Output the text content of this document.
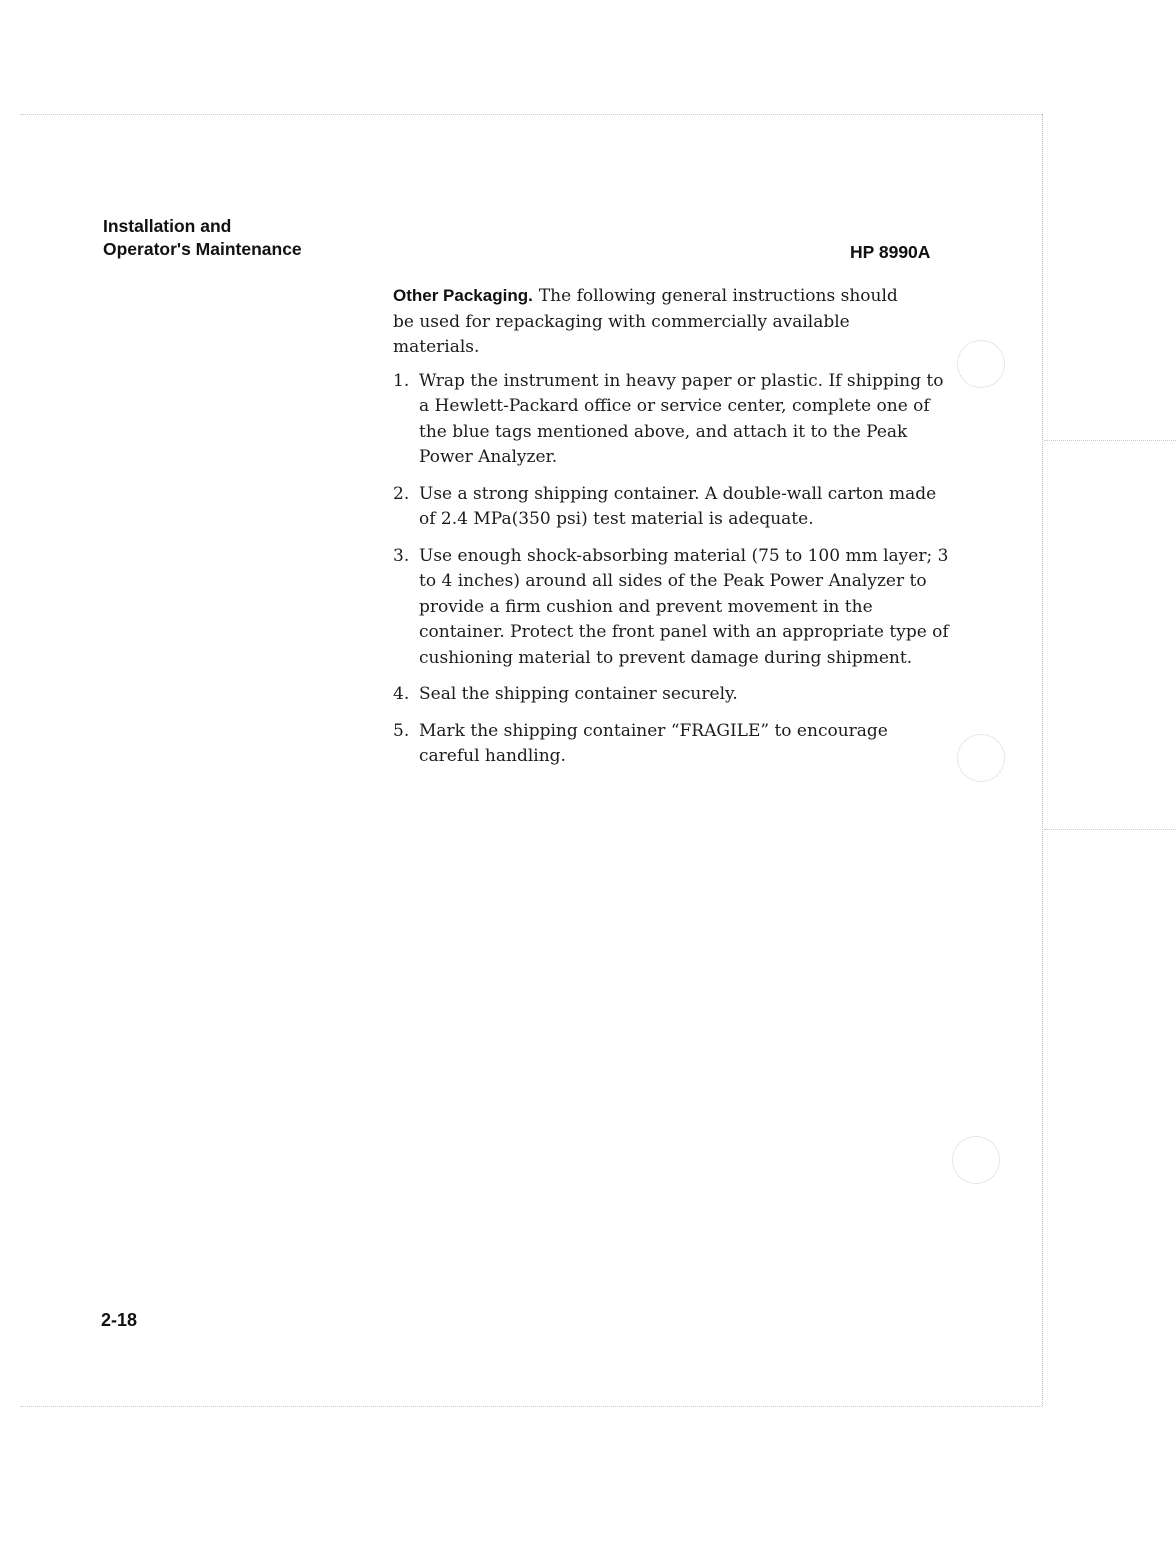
Installation and
Operator's Maintenance	HP 8990A

Other Packaging. The following general instructions should be used for repackaging with commercially available materials.

1. Wrap the instrument in heavy paper or plastic. If shipping to a Hewlett-Packard office or service center, complete one of the blue tags mentioned above, and attach it to the Peak Power Analyzer.
2. Use a strong shipping container. A double-wall carton made of 2.4 MPa(350 psi) test material is adequate.
3. Use enough shock-absorbing material (75 to 100 mm layer; 3 to 4 inches) around all sides of the Peak Power Analyzer to provide a firm cushion and prevent movement in the container. Protect the front panel with an appropriate type of cushioning material to prevent damage during shipment.
4. Seal the shipping container securely.
5. Mark the shipping container “FRAGILE” to encourage careful handling.
2-18
